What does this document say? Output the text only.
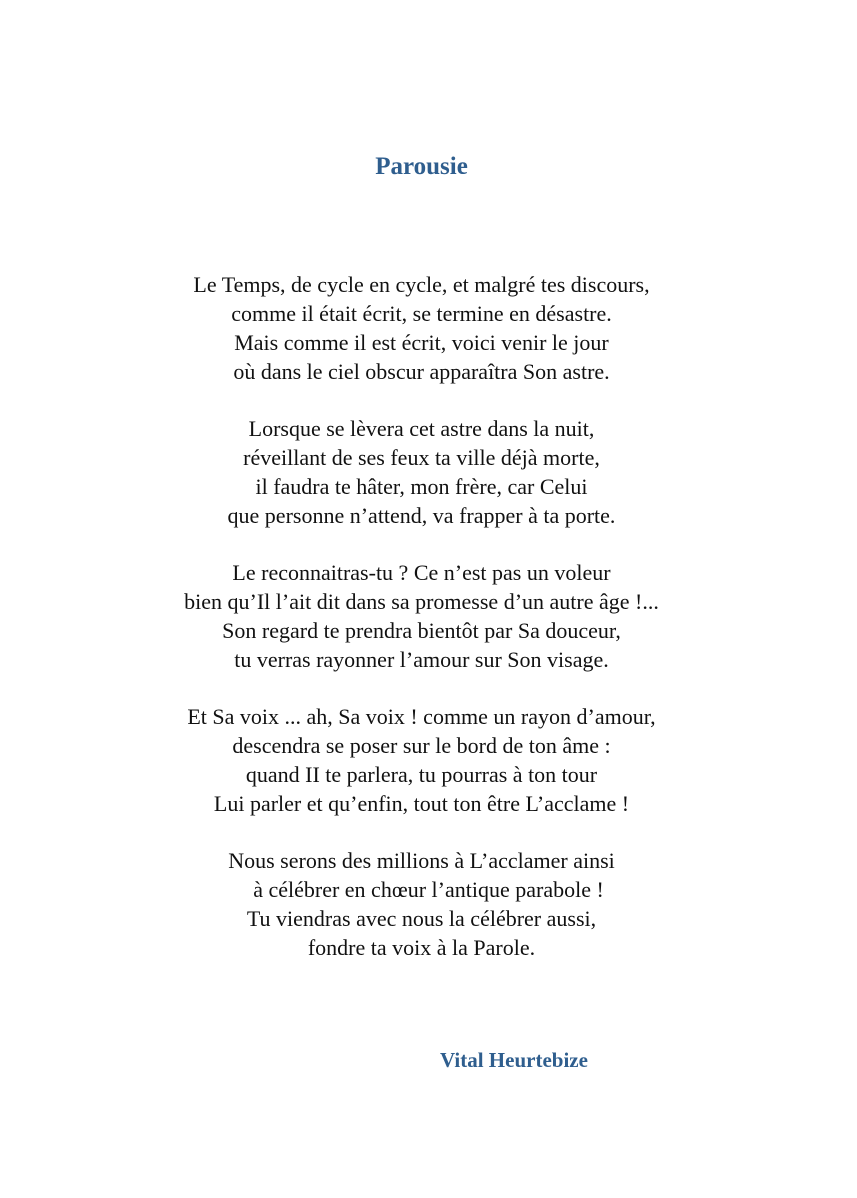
Parousie
Le Temps, de cycle en cycle, et malgré tes discours,
comme il était écrit, se termine en désastre.
Mais comme il est écrit, voici venir le jour
où dans le ciel obscur apparaîtra Son astre.
Lorsque se lèvera cet astre dans la nuit,
réveillant de ses feux ta ville déjà morte,
il faudra te hâter, mon frère, car Celui
que personne n’attend, va frapper à ta porte.
Le reconnaitras-tu ? Ce n’est pas un voleur
bien qu’Il l’ait dit dans sa promesse d’un autre âge !...
Son regard te prendra bientôt par Sa douceur,
tu verras rayonner l’amour sur Son visage.
Et Sa voix ... ah, Sa voix ! comme un rayon d’amour,
descendra se poser sur le bord de ton âme :
quand II te parlera, tu pourras à ton tour
Lui parler et qu’enfin, tout ton être L’acclame !
Nous serons des millions à L’acclamer ainsi
à célébrer en chœur l’antique parabole !
Tu viendras avec nous la célébrer aussi,
fondre ta voix à la Parole.

Vital Heurtebize
